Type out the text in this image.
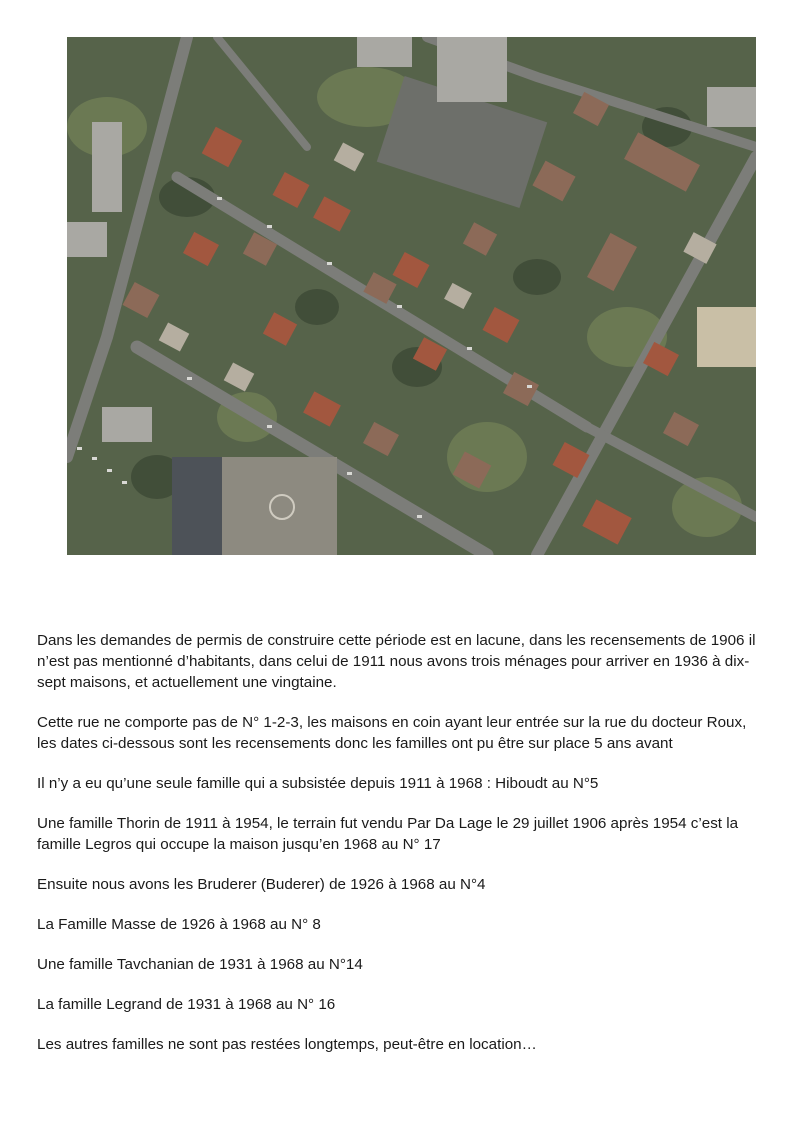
Dans les demandes de permis de construire cette période est en lacune, dans les recensements de 1906 il n’est pas mentionné d’habitants, dans celui de 1911 nous avons trois ménages pour arriver en 1936 à dix-sept maisons, et actuellement une vingtaine.

Cette rue ne comporte pas de N° 1-2-3, les maisons en coin ayant leur entrée sur la rue du docteur Roux, les dates ci-dessous sont les recensements donc les familles ont pu être sur place 5 ans avant

Il n’y a eu qu’une seule famille qui a subsistée depuis 1911 à 1968 : Hiboudt au N°5

Une famille Thorin de 1911 à 1954, le terrain fut vendu Par Da Lage le 29 juillet 1906 après 1954 c’est la famille Legros qui occupe la maison jusqu’en 1968 au N° 17

Ensuite nous avons les Bruderer (Buderer) de 1926 à 1968 au N°4

La Famille Masse de 1926 à 1968 au N° 8

Une famille Tavchanian de 1931 à 1968 au N°14

La famille Legrand de 1931 à 1968 au N° 16

Les autres familles ne sont pas restées longtemps, peut-être en location…
